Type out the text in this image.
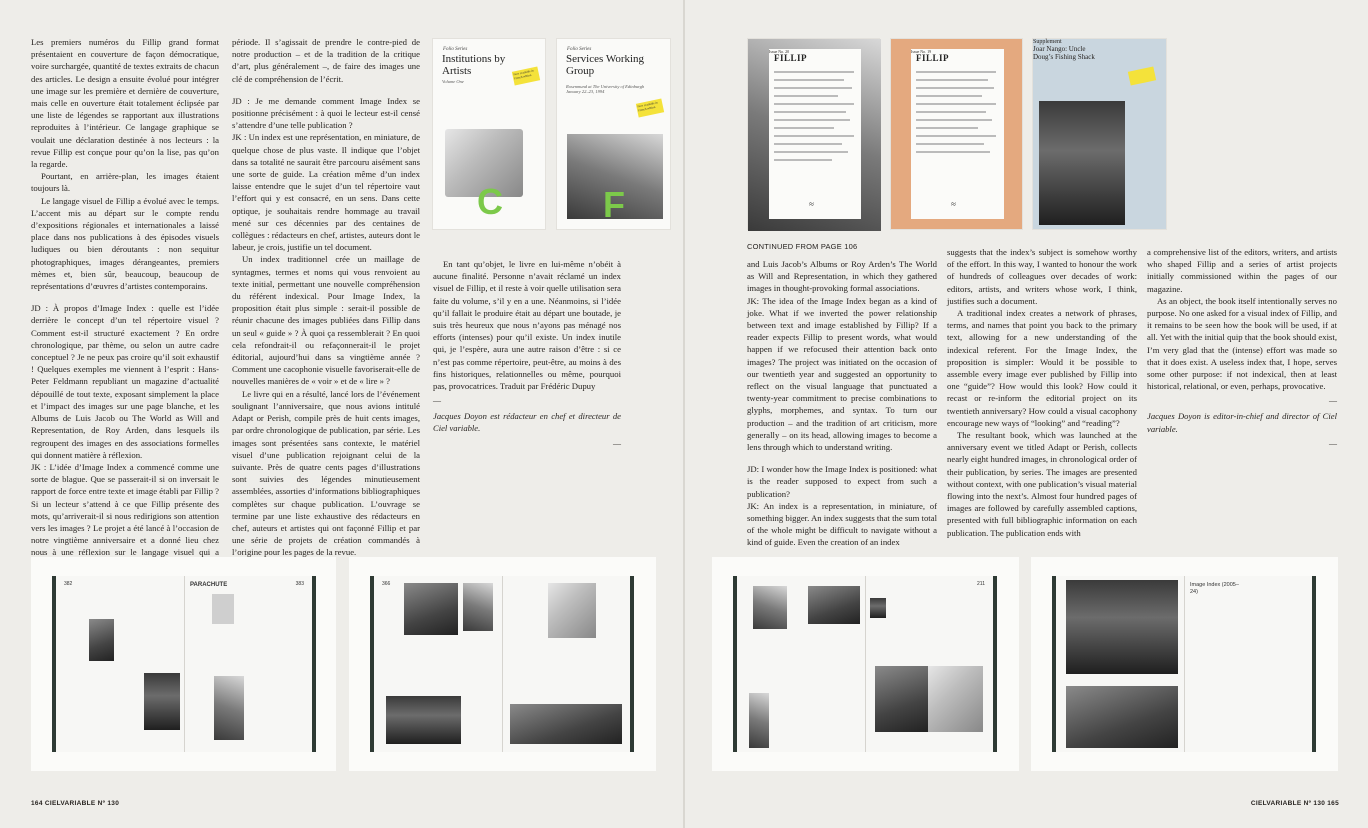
Les premiers numéros du Fillip grand format présentaient en couverture de façon démocratique, voire surchargée, quantité de textes extraits de chacun des articles. Le design a ensuite évolué pour intégrer une image sur les première et dernière de couverture, mais celle en ouverture était totalement éclipsée par une liste de légendes se rapportant aux illustrations reproduites à l’intérieur. Ce langage graphique se voulait une déclaration destinée à nos lecteurs : la revue Fillip est conçue pour qu’on la lise, pas qu’on la regarde.

Pourtant, en arrière-plan, les images étaient toujours là.

Le langage visuel de Fillip a évolué avec le temps. L’accent mis au départ sur le compte rendu d’expositions régionales et internationales a laissé place dans nos publications à des épisodes visuels ludiques ou bien déroutants : non sequitur photographiques, images dérangeantes, premiers mèmes et, bien sûr, beaucoup, beaucoup de représentations d’œuvres d’artistes contemporains.

JD : À propos d’Image Index : quelle est l’idée derrière le concept d’un tel répertoire visuel ? Comment est-il structuré exactement ? En ordre chronologique, par thème, ou selon un autre cadre conceptuel ? Je ne peux pas croire qu’il soit exhaustif ! Quelques exemples me viennent à l’esprit : Hans-Peter Feldmann republiant un magazine d’actualité dépouillé de tout texte, exposant simplement la place et l’impact des images sur une page blanche, et les Albums de Luis Jacob ou The World as Will and Representation, de Roy Arden, dans lesquels ils regroupent des images en des associations formelles qui donnent matière à réflexion.

JK : L’idée d’Image Index a commencé comme une sorte de blague. Que se passerait-il si on inversait le rapport de force entre texte et image établi par Fillip ? Si un lecteur s’attend à ce que Fillip présente des mots, qu’arriverait-il si nous redirigions son attention vers les images ? Le projet a été lancé à l’occasion de notre vingtième anniversaire et a donné lieu chez nous à une réflexion sur le langage visuel qui a

période. Il s’agissait de prendre le contre-pied de notre production – et de la tradition de la critique d’art, plus généralement –, de faire des images une clé de compréhension de l’écrit.

JD : Je me demande comment Image Index se positionne précisément : à quoi le lecteur est-il censé s’attendre d’une telle publication ?

JK : Un index est une représentation, en miniature, de quelque chose de plus vaste. Il indique que l’objet dans sa totalité ne saurait être parcouru aisément sans une sorte de guide. La création même d’un index laisse entendre que le sujet d’un tel répertoire vaut l’effort qui y est consacré, en un sens. Dans cette optique, je souhaitais rendre hommage au travail mené sur ces décennies par des centaines de collègues : rédacteurs en chef, artistes, auteurs dont le labeur, je crois, justifie un tel document.

Un index traditionnel crée un maillage de syntagmes, termes et noms qui vous renvoient au texte initial, permettant une nouvelle compréhension du référent indexical. Pour Image Index, la proposition était plus simple : serait-il possible de réunir chacune des images publiées dans Fillip dans un seul « guide » ? À quoi ça ressemblerait ? En quoi cela refondrait-il ou refaçonnerait-il le projet éditorial, aujourd’hui dans sa vingtième année ? Comment une cacophonie visuelle favoriserait-elle de nouvelles manières de « voir » et de « lire » ?

Le livre qui en a résulté, lancé lors de l’événement soulignant l’anniversaire, que nous avions intitulé Adapt or Perish, compile près de huit cents images, par ordre chronologique de publication, par série. Les images sont présentées sans contexte, le matériel visuel d’une publication rejoignant celui de la suivante. Près de quatre cents pages d’illustrations sont suivies des légendes minutieusement assemblées, assorties d’informations bibliographiques complètes sur chaque publication. L’ouvrage se termine par une liste exhaustive des rédacteurs en chef, auteurs et artistes qui ont façonné Fillip et par une série de projets de création commandés à l’origine pour les pages de la revue.

En tant qu’objet, le livre en lui-même n’obéit à aucune finalité. Personne n’avait réclamé un index visuel de Fillip, et il reste à voir quelle utilisation sera faite du volume, s’il y en a une. Néanmoins, si l’idée qu’il fallait le produire était au départ une boutade, je suis très heureux que nous n’ayons pas ménagé nos efforts (intenses) pour qu’il existe. Un index inutile qui, je l’espère, aura une autre raison d’être : si ce n’est pas comme répertoire, peut-être, au moins à des fins historiques, relationnelles ou même, pourquoi pas, provocatrices. Traduit par Frédéric Dupuy

—

Jacques Doyon est rédacteur en chef et directeur de Ciel variable.

—

Folio Series
Institutions by Artists
Volume One
Now available in French edition
C
Folio Series
Services Working Group
Rosenmund at The University of Edinburgh January 22–23, 1994
Now available in French edition
F
382	383
PARACHUTE	366
164 CIELVARIABLE Nº 130
FILLIP
Issue No. 20
≈
FILLIP
Issue No. 19
≈
Supplement
Joar Nango: Uncle Doug’s Fishing Shack
CONTINUED FROM PAGE 106

and Luis Jacob’s Albums or Roy Arden’s The World as Will and Representation, in which they gathered images in thought-provoking formal associations.

JK: The idea of the Image Index began as a kind of joke. What if we inverted the power relationship between text and image established by Fillip? If a reader expects Fillip to present words, what would happen if we refocused their attention back onto images? The project was initiated on the occasion of our twentieth year and suggested an opportunity to reflect on the visual language that punctuated a twenty-year commitment to precise combinations to glyphs, morphemes, and syntax. To turn our production – and the tradition of art criticism, more generally – on its head, allowing images to become a lens through which to understand writing.

JD: I wonder how the Image Index is positioned: what is the reader supposed to expect from such a publication?

JK: An index is a representation, in miniature, of something bigger. An index suggests that the sum total of the whole might be difficult to navigate without a kind of guide. Even the creation of an index

suggests that the index’s subject is somehow worthy of the effort. In this way, I wanted to honour the work of hundreds of colleagues over decades of work: editors, artists, and writers whose work, I think, justifies such a document.

A traditional index creates a network of phrases, terms, and names that point you back to the primary text, allowing for a new understanding of the indexical referent. For the Image Index, the proposition is simpler: Would it be possible to assemble every image ever published by Fillip into one “guide”? How would this look? How could it recast or re-inform the editorial project on its twentieth anniversary? How could a visual cacophony encourage new ways of “looking” and “reading”?

The resultant book, which was launched at the anniversary event we titled Adapt or Perish, collects nearly eight hundred images, in chronological order of their publication, by series. The images are presented without context, with one publication’s visual material flowing into the next’s. Almost four hundred pages of images are followed by carefully assembled captions, presented with full bibliographic information on each publication. The publication ends with

a comprehensive list of the editors, writers, and artists who shaped Fillip and a series of artist projects initially commissioned within the pages of our magazine.

As an object, the book itself intentionally serves no purpose. No one asked for a visual index of Fillip, and it remains to be seen how the book will be used, if at all. Yet with the initial quip that the book should exist, I’m very glad that the (intense) effort was made so that it does exist. A useless index that, I hope, serves some other purpose: if not indexical, then at least historical, relational, or even, perhaps, provocative.

—

Jacques Doyon is editor-in-chief and director of Ciel variable.

—

211	Image Index (2005–24)
CIELVARIABLE Nº 130 165
